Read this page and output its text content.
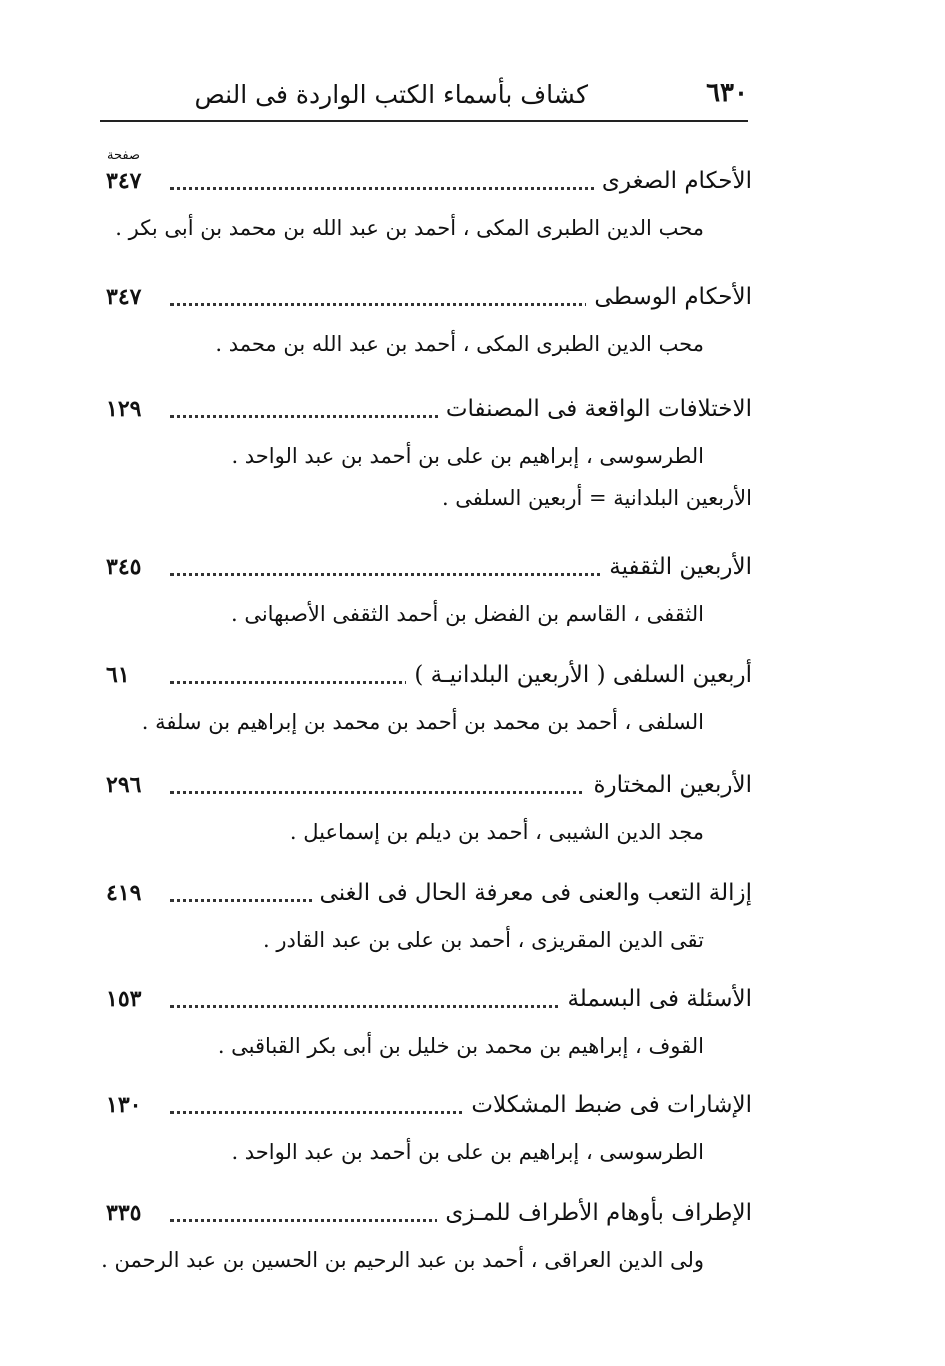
٦٣٠
كشاف بأسماء الكتب الواردة فى النص
صفحة
الأحكام الصغرى
٣٤٧
محب الدين الطبرى المكى ، أحمد بن عبد الله بن محمد بن أبى بكر .
الأحكام الوسطى
٣٤٧
محب الدين الطبرى المكى ، أحمد بن عبد الله بن محمد .
الاختلافات الواقعة فى المصنفات
١٢٩
الطرسوسى ، إبراهيم بن على بن أحمد بن عبد الواحد .
الأربعين البلدانية = أربعين السلفى .
الأربعين الثقفية
٣٤٥
الثقفى ، القاسم بن الفضل بن أحمد الثقفى الأصبهانى .
أربعين السلفى ( الأربعين البلدانيـة )
٦١
السلفى ، أحمد بن محمد بن أحمد بن محمد بن إبراهيم بن سلفة .
الأربعين المختارة
٢٩٦
مجد الدين الشيبى ، أحمد بن ديلم بن إسماعيل .
إزالة التعب والعنى فى معرفة الحال فى الغنى
٤١٩
تقى الدين المقريزى ، أحمد بن على بن عبد القادر .
الأسئلة فى البسملة
١٥٣
القوف ، إبراهيم بن محمد بن خليل بن أبى بكر القباقبى .
الإشارات فى ضبط المشكلات
١٣٠
الطرسوسى ، إبراهيم بن على بن أحمد بن عبد الواحد .
الإطراف بأوهام الأطراف للمـزى
٣٣٥
ولى الدين العراقى ، أحمد بن عبد الرحيم بن الحسين بن عبد الرحمن .
